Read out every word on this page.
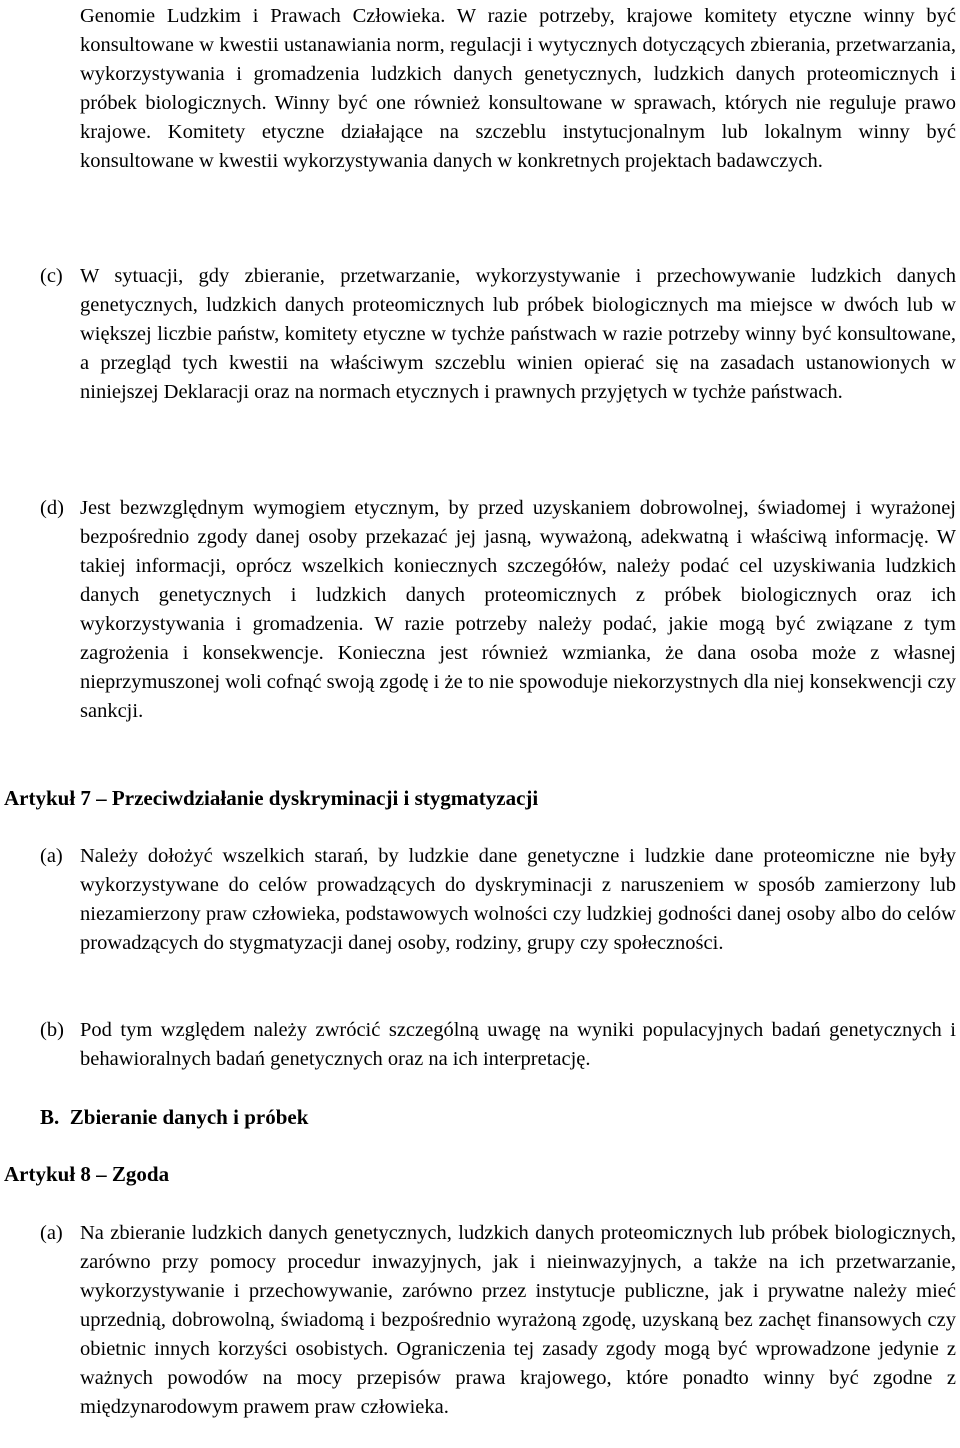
Genomie Ludzkim i Prawach Człowieka. W razie potrzeby, krajowe komitety etyczne winny być konsultowane w kwestii ustanawiania norm, regulacji i wytycznych dotyczących zbierania, przetwarzania, wykorzystywania i gromadzenia ludzkich danych genetycznych, ludzkich danych proteomicznych i próbek biologicznych. Winny być one również konsultowane w sprawach, których nie reguluje prawo krajowe. Komitety etyczne działające na szczeblu instytucjonalnym lub lokalnym winny być konsultowane w kwestii wykorzystywania danych w konkretnych projektach badawczych.
(c) W sytuacji, gdy zbieranie, przetwarzanie, wykorzystywanie i przechowywanie ludzkich danych genetycznych, ludzkich danych proteomicznych lub próbek biologicznych ma miejsce w dwóch lub w większej liczbie państw, komitety etyczne w tychże państwach w razie potrzeby winny być konsultowane, a przegląd tych kwestii na właściwym szczeblu winien opierać się na zasadach ustanowionych w niniejszej Deklaracji oraz na normach etycznych i prawnych przyjętych w tychże państwach.
(d) Jest bezwzględnym wymogiem etycznym, by przed uzyskaniem dobrowolnej, świadomej i wyrażonej bezpośrednio zgody danej osoby przekazać jej jasną, wyważoną, adekwatną i właściwą informację. W takiej informacji, oprócz wszelkich koniecznych szczegółów, należy podać cel uzyskiwania ludzkich danych genetycznych i ludzkich danych proteomicznych z próbek biologicznych oraz ich wykorzystywania i gromadzenia. W razie potrzeby należy podać, jakie mogą być związane z tym zagrożenia i konsekwencje. Konieczna jest również wzmianka, że dana osoba może z własnej nieprzymuszonej woli cofnąć swoją zgodę i że to nie spowoduje niekorzystnych dla niej konsekwencji czy sankcji.
Artykuł 7 – Przeciwdziałanie dyskryminacji i stygmatyzacji
(a) Należy dołożyć wszelkich starań, by ludzkie dane genetyczne i ludzkie dane proteomiczne nie były wykorzystywane do celów prowadzących do dyskryminacji z naruszeniem w sposób zamierzony lub niezamierzony praw człowieka, podstawowych wolności czy ludzkiej godności danej osoby albo do celów prowadzących do stygmatyzacji danej osoby, rodziny, grupy czy społeczności.
(b) Pod tym względem należy zwrócić szczególną uwagę na wyniki populacyjnych badań genetycznych i behawioralnych badań genetycznych oraz na ich interpretację.
B.  Zbieranie danych i próbek
Artykuł 8 – Zgoda
(a) Na zbieranie ludzkich danych genetycznych, ludzkich danych proteomicznych lub próbek biologicznych, zarówno przy pomocy procedur inwazyjnych, jak i nieinwazyjnych, a także na ich przetwarzanie, wykorzystywanie i przechowywanie, zarówno przez instytucje publiczne, jak i prywatne należy mieć uprzednią, dobrowolną, świadomą i bezpośrednio wyrażoną zgodę, uzyskaną bez zachęt finansowych czy obietnic innych korzyści osobistych. Ograniczenia tej zasady zgody mogą być wprowadzone jedynie z ważnych powodów na mocy przepisów prawa krajowego, które ponadto winny być zgodne z międzynarodowym prawem praw człowieka.
